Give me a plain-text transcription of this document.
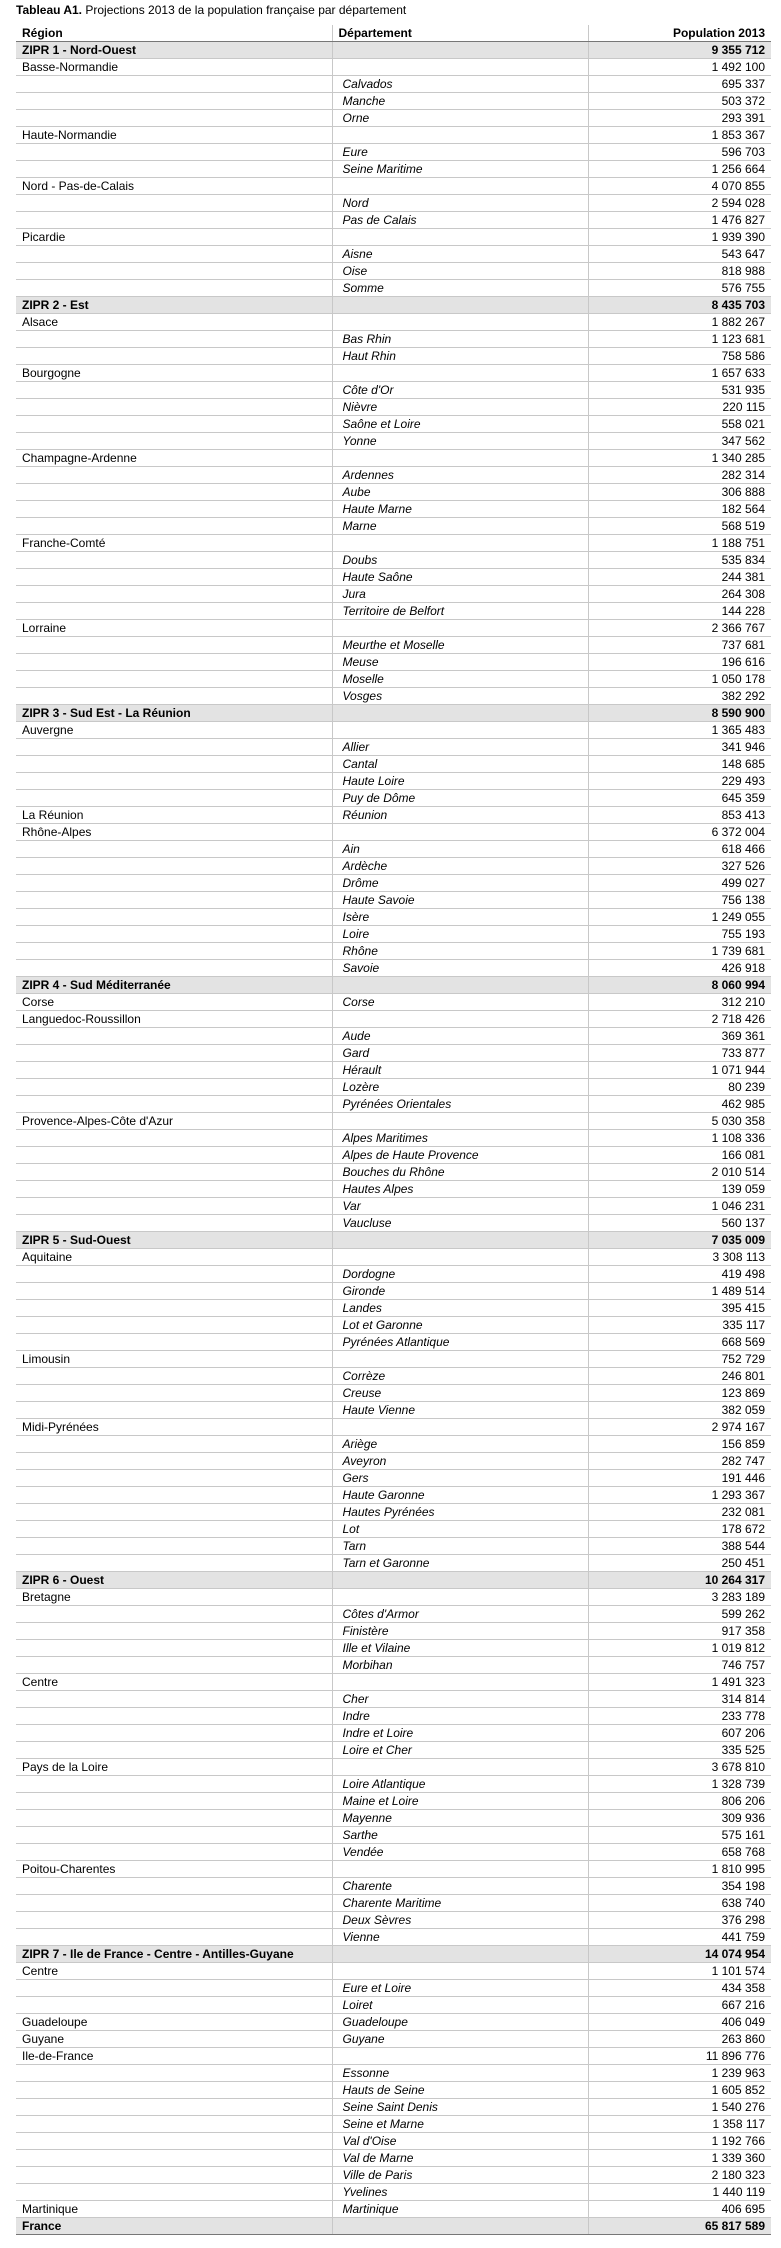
Tableau A1. Projections 2013 de la population française par département
Région	Département	Population 2013
ZIPR 1 - Nord-Ouest		9 355 712
Basse-Normandie		1 492 100
	Calvados	695 337
	Manche	503 372
	Orne	293 391
Haute-Normandie		1 853 367
	Eure	596 703
	Seine Maritime	1 256 664
Nord - Pas-de-Calais		4 070 855
	Nord	2 594 028
	Pas de Calais	1 476 827
Picardie		1 939 390
	Aisne	543 647
	Oise	818 988
	Somme	576 755
ZIPR 2 - Est		8 435 703
Alsace		1 882 267
	Bas Rhin	1 123 681
	Haut Rhin	758 586
Bourgogne		1 657 633
	Côte d'Or	531 935
	Nièvre	220 115
	Saône et Loire	558 021
	Yonne	347 562
Champagne-Ardenne		1 340 285
	Ardennes	282 314
	Aube	306 888
	Haute Marne	182 564
	Marne	568 519
Franche-Comté		1 188 751
	Doubs	535 834
	Haute Saône	244 381
	Jura	264 308
	Territoire de Belfort	144 228
Lorraine		2 366 767
	Meurthe et Moselle	737 681
	Meuse	196 616
	Moselle	1 050 178
	Vosges	382 292
ZIPR 3 - Sud Est - La Réunion		8 590 900
Auvergne		1 365 483
	Allier	341 946
	Cantal	148 685
	Haute Loire	229 493
	Puy de Dôme	645 359
La Réunion	Réunion	853 413
Rhône-Alpes		6 372 004
	Ain	618 466
	Ardèche	327 526
	Drôme	499 027
	Haute Savoie	756 138
	Isère	1 249 055
	Loire	755 193
	Rhône	1 739 681
	Savoie	426 918
ZIPR 4 - Sud Méditerranée		8 060 994
Corse	Corse	312 210
Languedoc-Roussillon		2 718 426
	Aude	369 361
	Gard	733 877
	Hérault	1 071 944
	Lozère	80 239
	Pyrénées Orientales	462 985
Provence-Alpes-Côte d'Azur		5 030 358
	Alpes Maritimes	1 108 336
	Alpes de Haute Provence	166 081
	Bouches du Rhône	2 010 514
	Hautes Alpes	139 059
	Var	1 046 231
	Vaucluse	560 137
ZIPR 5 - Sud-Ouest		7 035 009
Aquitaine		3 308 113
	Dordogne	419 498
	Gironde	1 489 514
	Landes	395 415
	Lot et Garonne	335 117
	Pyrénées Atlantique	668 569
Limousin		752 729
	Corrèze	246 801
	Creuse	123 869
	Haute Vienne	382 059
Midi-Pyrénées		2 974 167
	Ariège	156 859
	Aveyron	282 747
	Gers	191 446
	Haute Garonne	1 293 367
	Hautes Pyrénées	232 081
	Lot	178 672
	Tarn	388 544
	Tarn et Garonne	250 451
ZIPR 6 - Ouest		10 264 317
Bretagne		3 283 189
	Côtes d'Armor	599 262
	Finistère	917 358
	Ille et Vilaine	1 019 812
	Morbihan	746 757
Centre		1 491 323
	Cher	314 814
	Indre	233 778
	Indre et Loire	607 206
	Loire et Cher	335 525
Pays de la Loire		3 678 810
	Loire Atlantique	1 328 739
	Maine et Loire	806 206
	Mayenne	309 936
	Sarthe	575 161
	Vendée	658 768
Poitou-Charentes		1 810 995
	Charente	354 198
	Charente Maritime	638 740
	Deux Sèvres	376 298
	Vienne	441 759
ZIPR 7 - Ile de France - Centre - Antilles-Guyane		14 074 954
Centre		1 101 574
	Eure et Loire	434 358
	Loiret	667 216
Guadeloupe	Guadeloupe	406 049
Guyane	Guyane	263 860
Ile-de-France		11 896 776
	Essonne	1 239 963
	Hauts de Seine	1 605 852
	Seine Saint Denis	1 540 276
	Seine et Marne	1 358 117
	Val d'Oise	1 192 766
	Val de Marne	1 339 360
	Ville de Paris	2 180 323
	Yvelines	1 440 119
Martinique	Martinique	406 695
France		65 817 589
